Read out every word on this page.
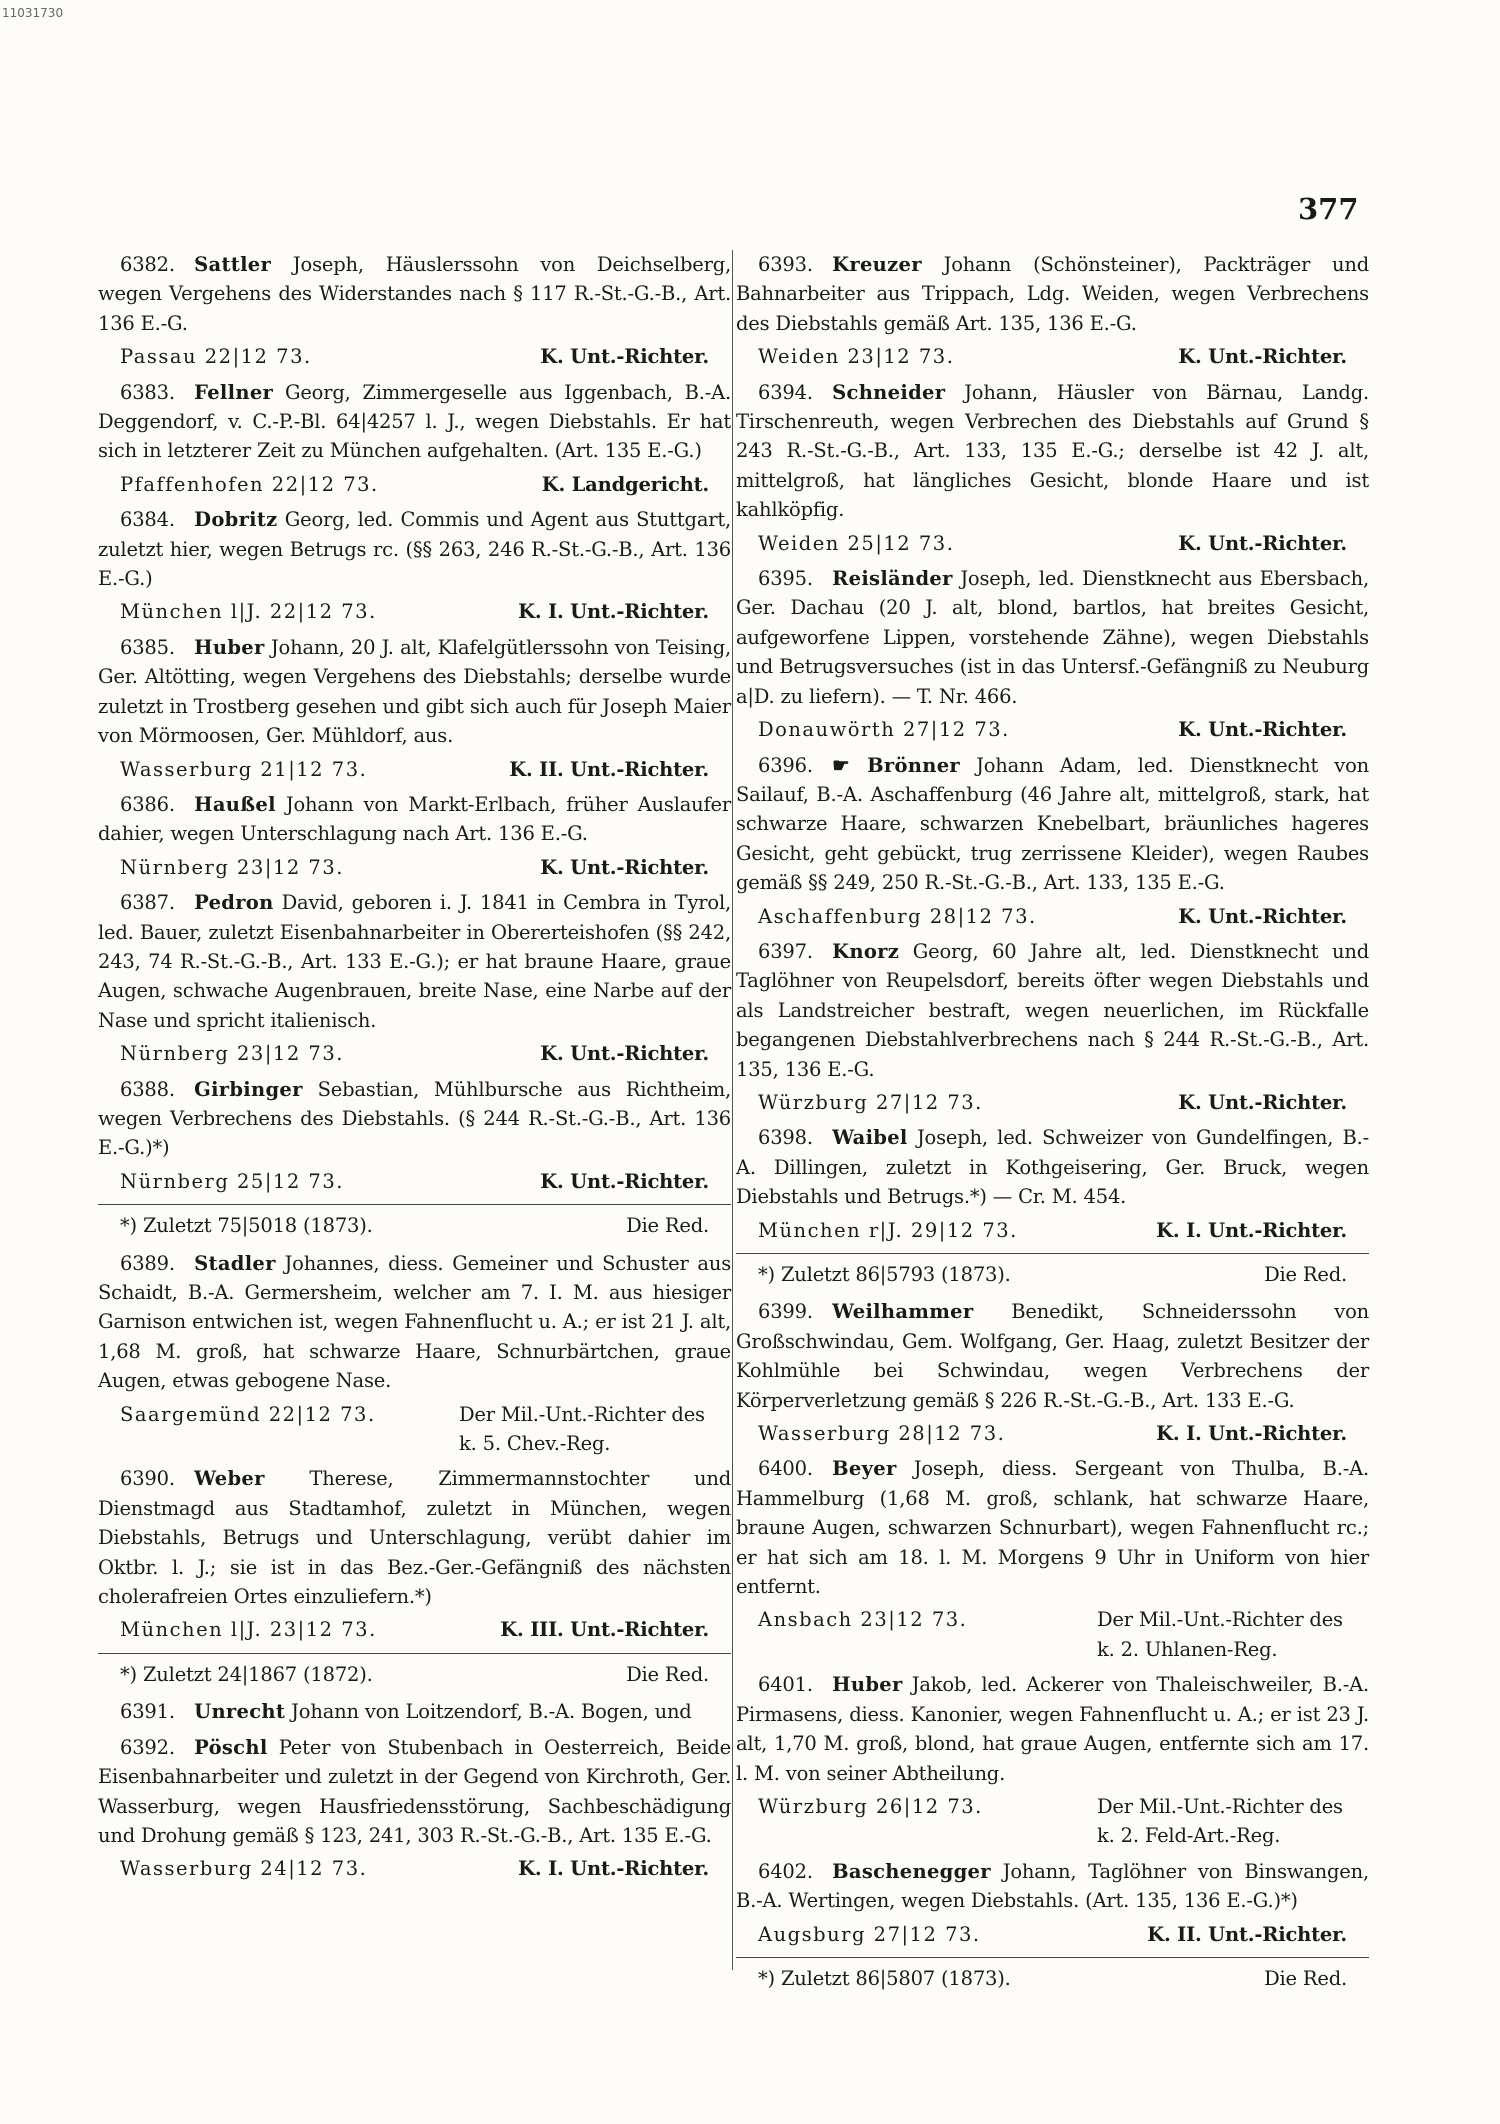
11031730
377

6382.  Sattler Joseph, Häuslerssohn von Deichselberg, wegen Vergehens des Widerstandes nach § 117 R.-St.-G.-B., Art. 136 E.-G.

Passau 22|12 73.	K. Unt.-Richter.

6383.  Fellner Georg, Zimmergeselle aus Iggenbach, B.-A. Deggendorf, v. C.-P.-Bl. 64|4257 l. J., wegen Diebstahls. Er hat sich in letzterer Zeit zu München aufgehalten. (Art. 135 E.-G.)

Pfaffenhofen 22|12 73.	K. Landgericht.

6384.  Dobritz Georg, led. Commis und Agent aus Stuttgart, zuletzt hier, wegen Betrugs rc. (§§ 263, 246 R.-St.-G.-B., Art. 136 E.-G.)

München l|J. 22|12 73.	K. I. Unt.-Richter.

6385.  Huber Johann, 20 J. alt, Klafelgütlerssohn von Teising, Ger. Altötting, wegen Vergehens des Diebstahls; derselbe wurde zuletzt in Trostberg gesehen und gibt sich auch für Joseph Maier von Mörmoosen, Ger. Mühldorf, aus.

Wasserburg 21|12 73.	K. II. Unt.-Richter.

6386.  Haußel Johann von Markt-Erlbach, früher Auslaufer dahier, wegen Unterschlagung nach Art. 136 E.-G.

Nürnberg 23|12 73.	K. Unt.-Richter.

6387.  Pedron David, geboren i. J. 1841 in Cembra in Tyrol, led. Bauer, zuletzt Eisenbahnarbeiter in Obererteishofen (§§ 242, 243, 74 R.-St.-G.-B., Art. 133 E.-G.); er hat braune Haare, graue Augen, schwache Augenbrauen, breite Nase, eine Narbe auf der Nase und spricht italienisch.

Nürnberg 23|12 73.	K. Unt.-Richter.

6388.  Girbinger Sebastian, Mühlbursche aus Richtheim, wegen Verbrechens des Diebstahls. (§ 244 R.-St.-G.-B., Art. 136 E.-G.)*)

Nürnberg 25|12 73.	K. Unt.-Richter.
*) Zuletzt 75|5018 (1873).	Die Red.

6389.  Stadler Johannes, diess. Gemeiner und Schuster aus Schaidt, B.-A. Germersheim, welcher am 7. I. M. aus hiesiger Garnison entwichen ist, wegen Fahnenflucht u. A.; er ist 21 J. alt, 1,68 M. groß, hat schwarze Haare, Schnurbärtchen, graue Augen, etwas gebogene Nase.

Saargemünd 22|12 73.	Der Mil.-Unt.-Richter des k. 5. Chev.-Reg.

6390.  Weber Therese, Zimmermannstochter und Dienstmagd aus Stadtamhof, zuletzt in München, wegen Diebstahls, Betrugs und Unterschlagung, verübt dahier im Oktbr. l. J.; sie ist in das Bez.-Ger.-Gefängniß des nächsten cholerafreien Ortes einzuliefern.*)

München l|J. 23|12 73.	K. III. Unt.-Richter.
*) Zuletzt 24|1867 (1872).	Die Red.

6391.  Unrecht Johann von Loitzendorf, B.-A. Bogen, und

6392.  Pöschl Peter von Stubenbach in Oesterreich, Beide Eisenbahnarbeiter und zuletzt in der Gegend von Kirchroth, Ger. Wasserburg, wegen Hausfriedensstörung, Sachbeschädigung und Drohung gemäß § 123, 241, 303 R.-St.-G.-B., Art. 135 E.-G.

Wasserburg 24|12 73.	K. I. Unt.-Richter.

6393.  Kreuzer Johann (Schönsteiner), Packträger und Bahnarbeiter aus Trippach, Ldg. Weiden, wegen Verbrechens des Diebstahls gemäß Art. 135, 136 E.-G.

Weiden 23|12 73.	K. Unt.-Richter.

6394.  Schneider Johann, Häusler von Bärnau, Landg. Tirschenreuth, wegen Verbrechen des Diebstahls auf Grund § 243 R.-St.-G.-B., Art. 133, 135 E.-G.; derselbe ist 42 J. alt, mittelgroß, hat längliches Gesicht, blonde Haare und ist kahlköpfig.

Weiden 25|12 73.	K. Unt.-Richter.

6395.  Reisländer Joseph, led. Dienstknecht aus Ebersbach, Ger. Dachau (20 J. alt, blond, bartlos, hat breites Gesicht, aufgeworfene Lippen, vorstehende Zähne), wegen Diebstahls und Betrugsversuches (ist in das Untersf.-Gefängniß zu Neuburg a|D. zu liefern). — T. Nr. 466.

Donauwörth 27|12 73.	K. Unt.-Richter.

6396.  ☛ Brönner Johann Adam, led. Dienstknecht von Sailauf, B.-A. Aschaffenburg (46 Jahre alt, mittelgroß, stark, hat schwarze Haare, schwarzen Knebelbart, bräunliches hageres Gesicht, geht gebückt, trug zerrissene Kleider), wegen Raubes gemäß §§ 249, 250 R.-St.-G.-B., Art. 133, 135 E.-G.

Aschaffenburg 28|12 73.	K. Unt.-Richter.

6397.  Knorz Georg, 60 Jahre alt, led. Dienstknecht und Taglöhner von Reupelsdorf, bereits öfter wegen Diebstahls und als Landstreicher bestraft, wegen neuerlichen, im Rückfalle begangenen Diebstahlverbrechens nach § 244 R.-St.-G.-B., Art. 135, 136 E.-G.

Würzburg 27|12 73.	K. Unt.-Richter.

6398.  Waibel Joseph, led. Schweizer von Gundelfingen, B.-A. Dillingen, zuletzt in Kothgeisering, Ger. Bruck, wegen Diebstahls und Betrugs.*) — Cr. M. 454.

München r|J. 29|12 73.	K. I. Unt.-Richter.
*) Zuletzt 86|5793 (1873).	Die Red.

6399.  Weilhammer Benedikt, Schneiderssohn von Großschwindau, Gem. Wolfgang, Ger. Haag, zuletzt Besitzer der Kohlmühle bei Schwindau, wegen Verbrechens der Körperverletzung gemäß § 226 R.-St.-G.-B., Art. 133 E.-G.

Wasserburg 28|12 73.	K. I. Unt.-Richter.

6400.  Beyer Joseph, diess. Sergeant von Thulba, B.-A. Hammelburg (1,68 M. groß, schlank, hat schwarze Haare, braune Augen, schwarzen Schnurbart), wegen Fahnenflucht rc.; er hat sich am 18. l. M. Morgens 9 Uhr in Uniform von hier entfernt.

Ansbach 23|12 73.	Der Mil.-Unt.-Richter des k. 2. Uhlanen-Reg.

6401.  Huber Jakob, led. Ackerer von Thaleischweiler, B.-A. Pirmasens, diess. Kanonier, wegen Fahnenflucht u. A.; er ist 23 J. alt, 1,70 M. groß, blond, hat graue Augen, entfernte sich am 17. l. M. von seiner Abtheilung.

Würzburg 26|12 73.	Der Mil.-Unt.-Richter des k. 2. Feld-Art.-Reg.

6402.  Baschenegger Johann, Taglöhner von Binswangen, B.-A. Wertingen, wegen Diebstahls. (Art. 135, 136 E.-G.)*)

Augsburg 27|12 73.	K. II. Unt.-Richter.
*) Zuletzt 86|5807 (1873).	Die Red.
